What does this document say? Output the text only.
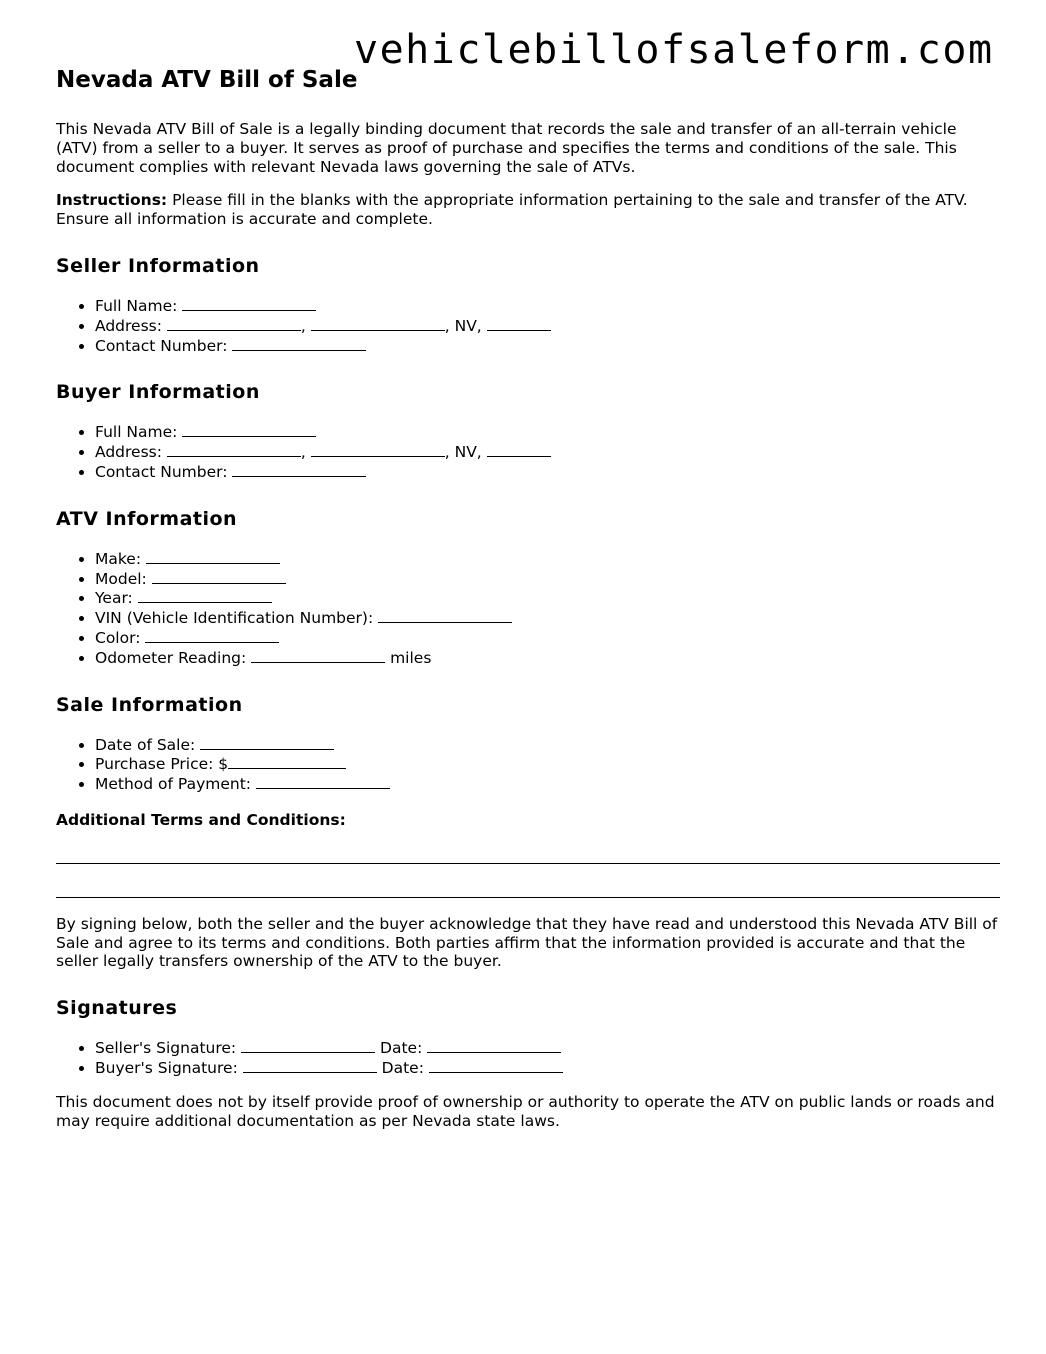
vehiclebillofsaleform.com
Nevada ATV Bill of Sale

This Nevada ATV Bill of Sale is a legally binding document that records the sale and transfer of an all-terrain vehicle (ATV) from a seller to a buyer. It serves as proof of purchase and specifies the terms and conditions of the sale. This document complies with relevant Nevada laws governing the sale of ATVs.

Instructions: Please fill in the blanks with the appropriate information pertaining to the sale and transfer of the ATV. Ensure all information is accurate and complete.

Seller Information
• Full Name:
• Address:	,	, NV,
• Contact Number:
Buyer Information
• Full Name:
• Address:	,	, NV,
• Contact Number:
ATV Information
• Make:
• Model:
• Year:
• VIN (Vehicle Identification Number):
• Color:
• Odometer Reading:	miles
Sale Information
• Date of Sale:
• Purchase Price: $
• Method of Payment:
Additional Terms and Conditions:

By signing below, both the seller and the buyer acknowledge that they have read and understood this Nevada ATV Bill of Sale and agree to its terms and conditions. Both parties affirm that the information provided is accurate and that the seller legally transfers ownership of the ATV to the buyer.

Signatures
• Seller's Signature:	Date:
• Buyer's Signature:	Date:

This document does not by itself provide proof of ownership or authority to operate the ATV on public lands or roads and may require additional documentation as per Nevada state laws.
